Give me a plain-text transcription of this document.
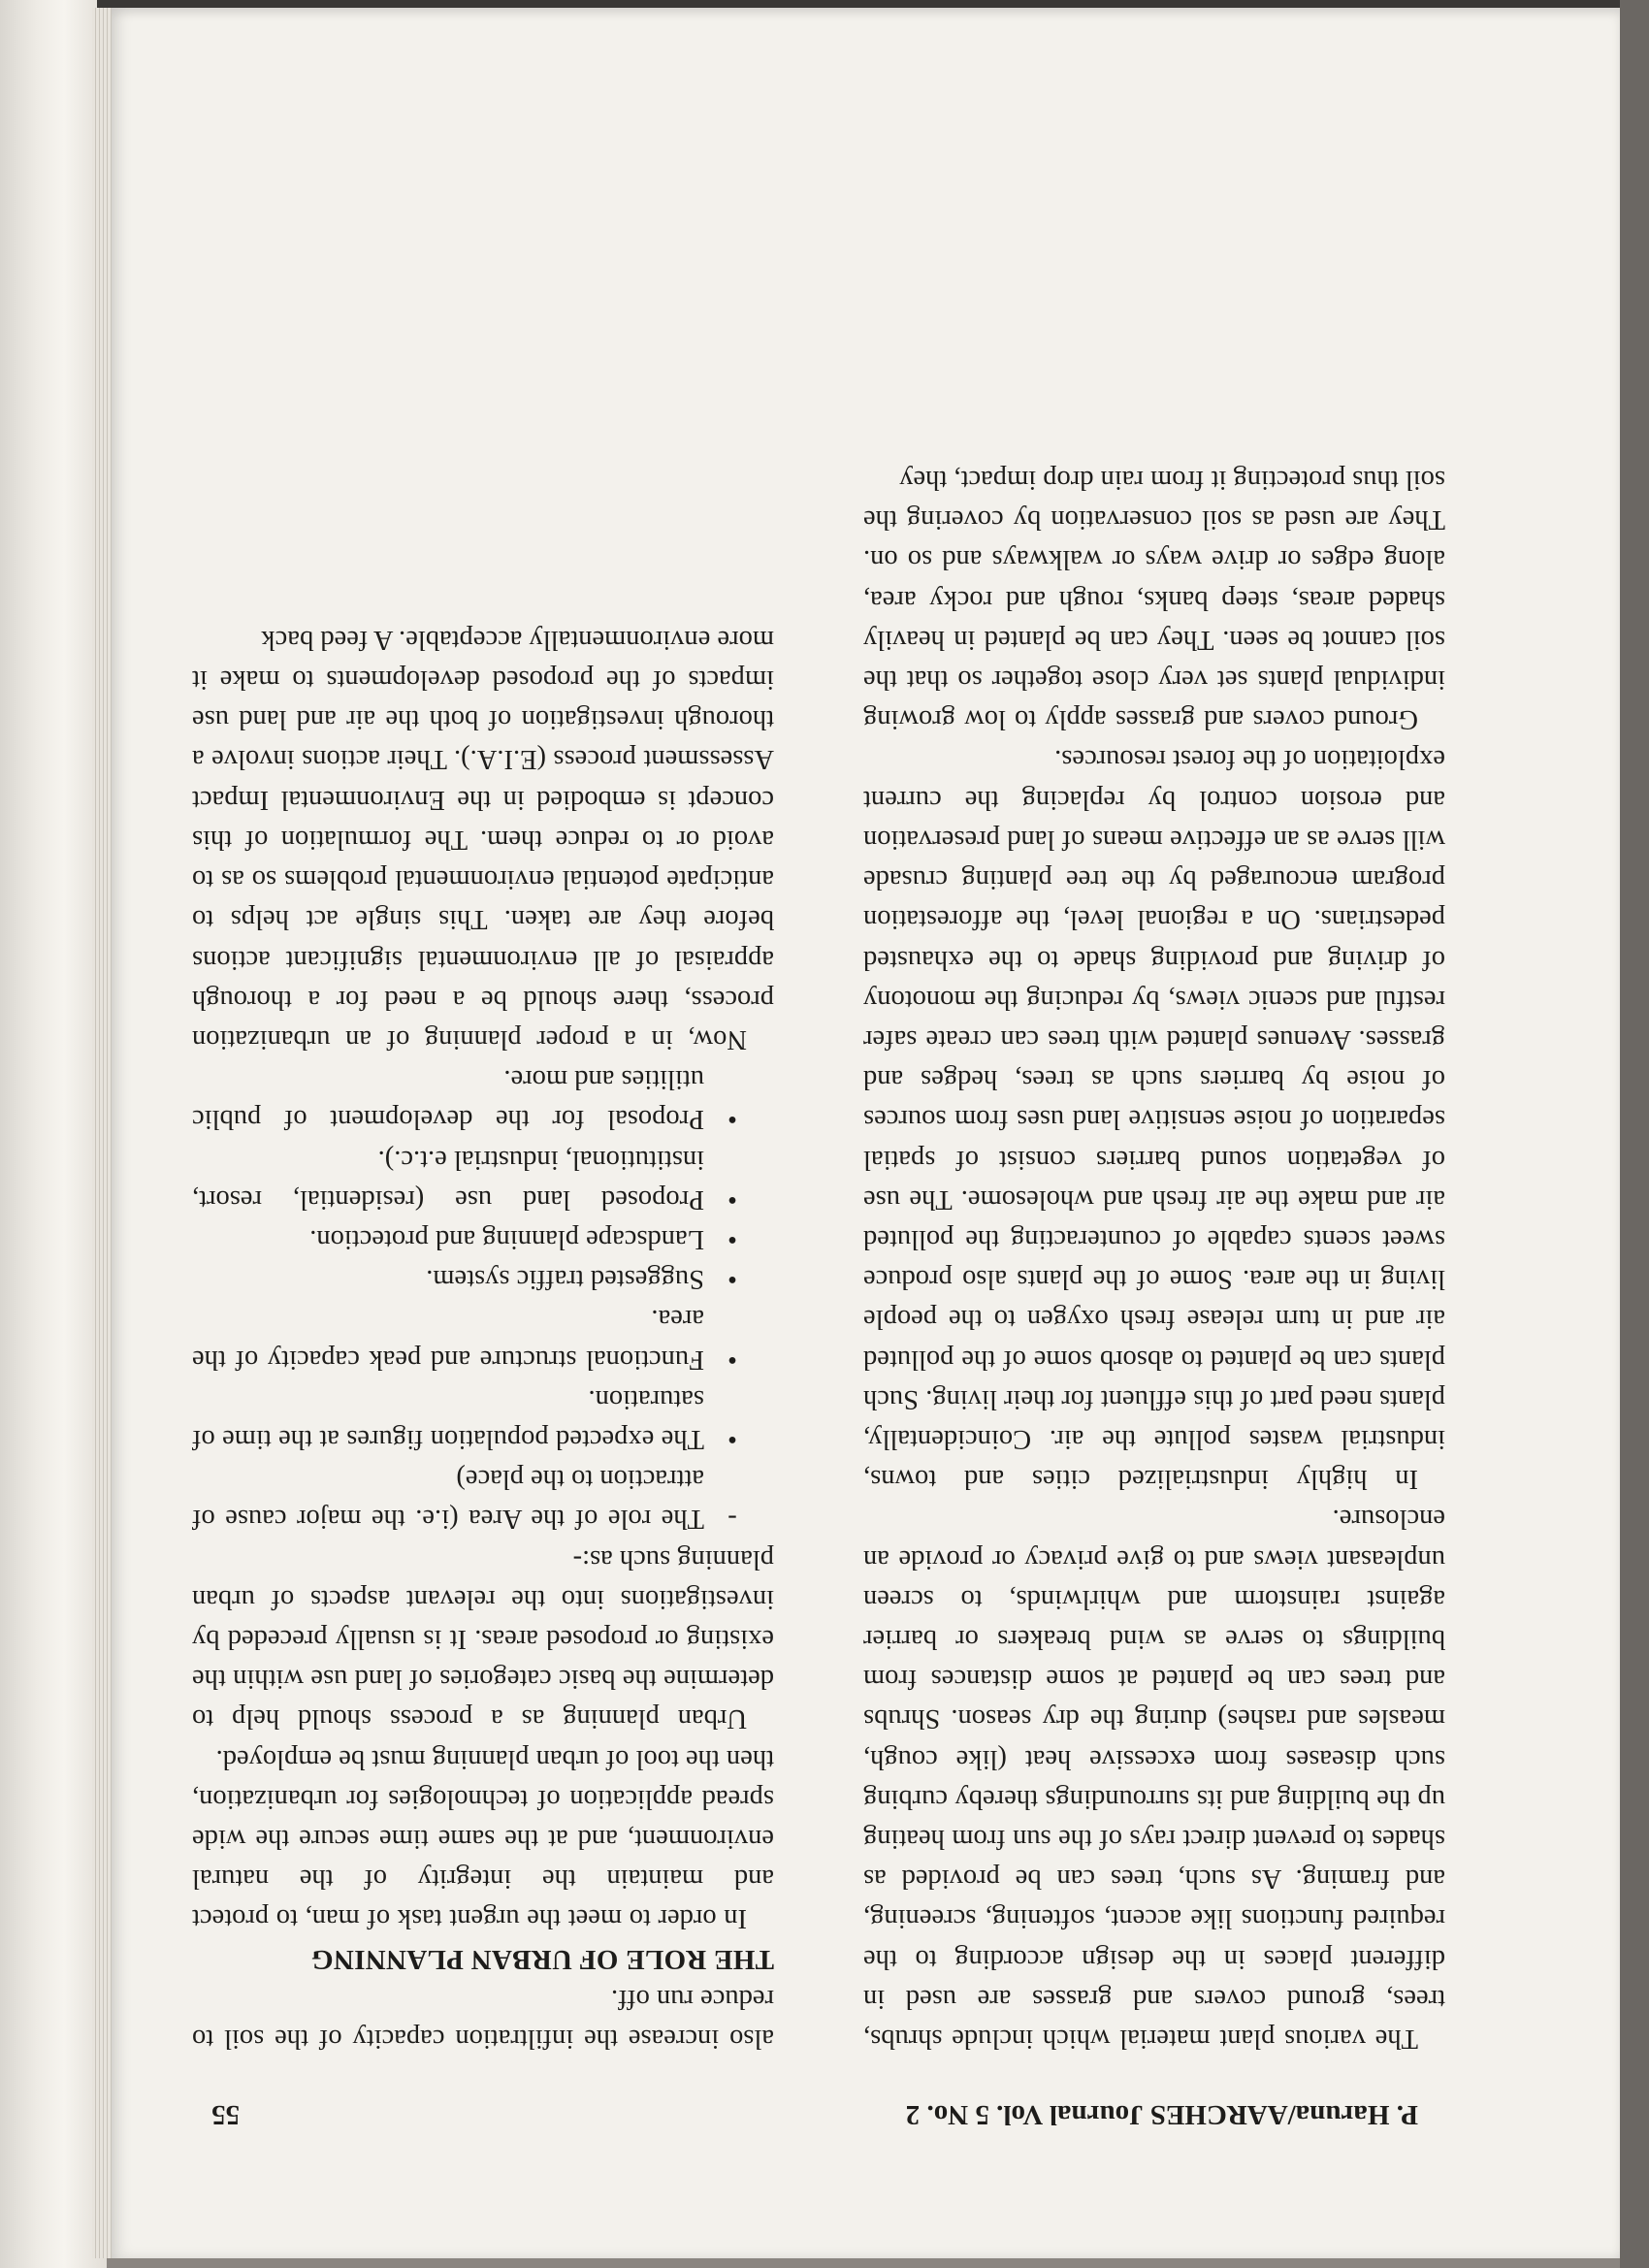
P. Haruna/AARCHES Journal Vol. 5 No. 2
55

The various plant material which include shrubs, trees, ground covers and grasses are used in different places in the design according to the required functions like accent, softening, screening, and framing. As such, trees can be provided as shades to prevent direct rays of the sun from heating up the building and its surroundings thereby curbing such diseases from excessive heat (like cough, measles and rashes) during the dry season. Shrubs and trees can be planted at some distances from buildings to serve as wind breakers or barrier against rainstorm and whirlwinds, to screen unpleasant views and to give privacy or provide an enclosure.

In highly industrialized cities and towns, industrial wastes pollute the air. Coincidentally, plants need part of this effluent for their living. Such plants can be planted to absorb some of the polluted air and in turn release fresh oxygen to the people living in the area. Some of the plants also produce sweet scents capable of counteracting the polluted air and make the air fresh and wholesome. The use of vegetation sound barriers consist of spatial separation of noise sensitive land uses from sources of noise by barriers such as trees, hedges and grasses. Avenues planted with trees can create safer restful and scenic views, by reducing the monotony of driving and providing shade to the exhausted pedestrians. On a regional level, the afforestation program encouraged by the tree planting crusade will serve as an effective means of land preservation and erosion control by replacing the current exploitation of the forest resources.

Ground covers and grasses apply to low growing individual plants set very close together so that the soil cannot be seen. They can be planted in heavily shaded areas, steep banks, rough and rocky area, along edges or drive ways or walkways and so on. They are used as soil conservation by covering the soil thus protecting it from rain drop impact, they

also increase the infiltration capacity of the soil to reduce run off.

THE ROLE OF URBAN PLANNING

In order to meet the urgent task of man, to protect and maintain the integrity of the natural environment, and at the same time secure the wide spread application of technologies for urbanization, then the tool of urban planning must be employed.

Urban planning as a process should help to determine the basic categories of land use within the existing or proposed areas. It is usually preceded by investigations into the relevant aspects of urban planning such as:-

-
The role of the Area (i.e. the major cause of attraction to the place)
•
The expected population figures at the time of saturation.
•
Functional structure and peak capacity of the area.
•
Suggested traffic system.
•
Landscape planning and protection.
•
Proposed land use (residential, resort, institutional, industrial e.t.c.).
•
Proposal for the development of public utilities and more.

Now, in a proper planning of an urbanization process, there should be a need for a thorough appraisal of all environmental significant actions before they are taken. This single act helps to anticipate potential environmental problems so as to avoid or to reduce them. The formulation of this concept is embodied in the Environmental Impact Assessment process (E.I.A.). Their actions involve a thorough investigation of both the air and land use impacts of the proposed developments to make it more environmentally acceptable. A feed back
